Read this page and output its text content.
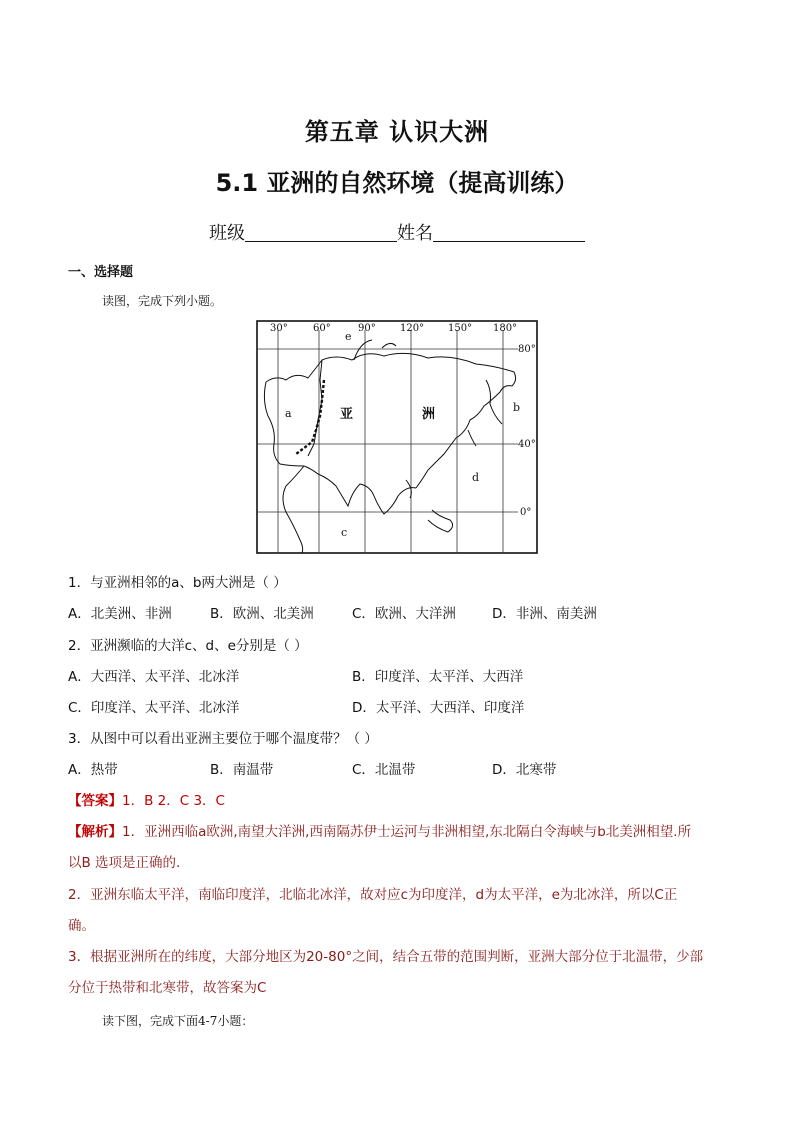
第五章 认识大洲
5.1 亚洲的自然环境（提高训练）
班级	姓名
一、选择题
读图，完成下列小题。
30°	60°	90° 120° 150° 180°
80°
40°
0°
e
a	b
d
c
亚	洲
1．与亚洲相邻的a、b两大洲是（ ）
A．北美洲、非洲	B．欧洲、北美洲	C．欧洲、大洋洲	D．非洲、南美洲
2．亚洲濒临的大洋c、d、e分别是（ ）
A．大西洋、太平洋、北冰洋	B．印度洋、太平洋、大西洋
C．印度洋、太平洋、北冰洋	D．太平洋、大西洋、印度洋
3．从图中可以看出亚洲主要位于哪个温度带？（ ）
A．热带	B．南温带	C．北温带	D．北寒带
【答案】1．B 2．C 3．C
【解析】1．亚洲西临a欧洲,南望大洋洲,西南隔苏伊士运河与非洲相望,东北隔白令海峡与b北美洲相望.所
以B 选项是正确的.
2．亚洲东临太平洋，南临印度洋，北临北冰洋，故对应c为印度洋，d为太平洋，e为北冰洋，所以C正
确。
3．根据亚洲所在的纬度，大部分地区为20-80°之间，结合五带的范围判断，亚洲大部分位于北温带，少部
分位于热带和北寒带，故答案为C
读下图，完成下面4-7小题：
